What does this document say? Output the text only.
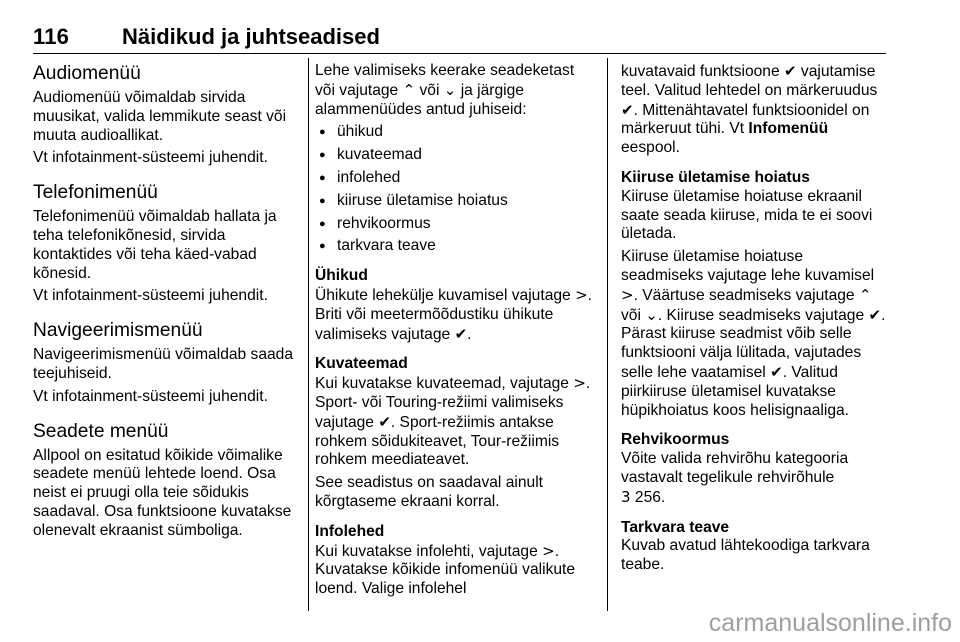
116 Näidikud ja juhtseadised
Audiomenüü

Audiomenüü võimaldab sirvida muusikat, valida lemmikute seast või muuta audioallikat.

Vt infotainment-süsteemi juhendit.

Telefonimenüü

Telefonimenüü võimaldab hallata ja teha telefonikõnesid, sirvida kontaktides või teha käed-vabad kõnesid.

Vt infotainment-süsteemi juhendit.

Navigeerimismenüü

Navigeerimismenüü võimaldab saada teejuhiseid.

Vt infotainment-süsteemi juhendit.

Seadete menüü

Allpool on esitatud kõikide võimalike seadete menüü lehtede loend. Osa neist ei pruugi olla teie sõidukis saadaval. Osa funktsioone kuvatakse olenevalt ekraanist sümboliga.

Lehe valimiseks keerake seadeketast või vajutage ⌃ või ⌄ ja järgige alammenüüdes antud juhiseid:

● ühikud
● kuvateemad
● infolehed
● kiiruse ületamise hoiatus
● rehvikoormus
● tarkvara teave
Ühikud

Ühikute lehekülje kuvamisel vajutage >. Briti või meetermõõdustiku ühikute valimiseks vajutage ✔.

Kuvateemad

Kui kuvatakse kuvateemad, vajutage >. Sport- või Touring-režiimi valimiseks vajutage ✔. Sport-režiimis antakse rohkem sõidukiteavet, Tour-režiimis rohkem meediateavet.

See seadistus on saadaval ainult kõrgtaseme ekraani korral.

Infolehed

Kui kuvatakse infolehti, vajutage >. Kuvatakse kõikide infomenüü valikute loend. Valige infolehel

kuvatavaid funktsioone ✔ vajutamise teel. Valitud lehtedel on märkeruudus ✔. Mittenähtavatel funktsioonidel on märkeruut tühi. Vt Infomenüü eespool.

Kiiruse ületamise hoiatus

Kiiruse ületamise hoiatuse ekraanil saate seada kiiruse, mida te ei soovi ületada.

Kiiruse ületamise hoiatuse seadmiseks vajutage lehe kuvamisel >. Väärtuse seadmiseks vajutage ⌃ või ⌄. Kiiruse seadmiseks vajutage ✔. Pärast kiiruse seadmist võib selle funktsiooni välja lülitada, vajutades selle lehe vaatamisel ✔. Valitud piirkiiruse ületamisel kuvatakse hüpikhoiatus koos helisignaaliga.

Rehvikoormus

Võite valida rehvirõhu kategooria vastavalt tegelikule rehvirõhule
3 256.

Tarkvara teave

Kuvab avatud lähtekoodiga tarkvara teabe.

carmanualsonline.info
